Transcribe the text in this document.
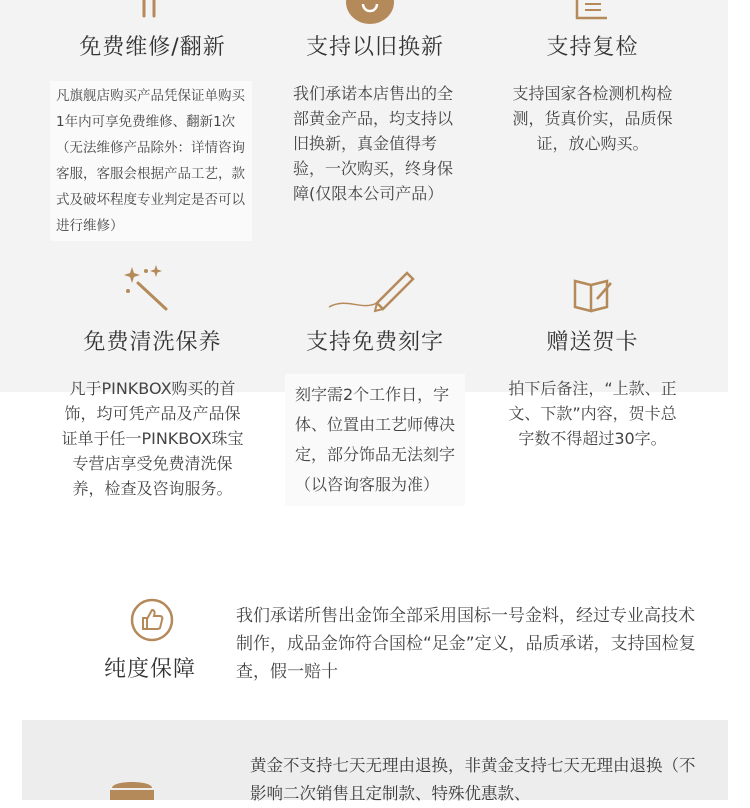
免费维修/翻新
凡旗舰店购买产品凭保证单购买1年内可享免费维修、翻新1次（无法维修产品除外：详情咨询客服，客服会根据产品工艺，款式及破坏程度专业判定是否可以进行维修）
支持以旧换新
我们承诺本店售出的全部黄金产品，均支持以旧换新，真金值得考验，一次购买，终身保障(仅限本公司产品）
支持复检
支持国家各检测机构检测，货真价实，品质保证，放心购买。
免费清洗保养
凡于PINKBOX购买的首饰，均可凭产品及产品保证单于任一PINKBOX珠宝专营店享受免费清洗保养，检查及咨询服务。
支持免费刻字
刻字需2个工作日，字体、位置由工艺师傅决定，部分饰品无法刻字（以咨询客服为准）
赠送贺卡
拍下后备注，“上款、正文、下款”内容，贺卡总字数不得超过30字。
纯度保障
我们承诺所售出金饰全部采用国标一号金料，经过专业高技术制作，成品金饰符合国检“足金”定义，品质承诺，支持国检复查，假一赔十
黄金不支持七天无理由退换，非黄金支持七天无理由退换（不影响二次销售且定制款、特殊优惠款、
